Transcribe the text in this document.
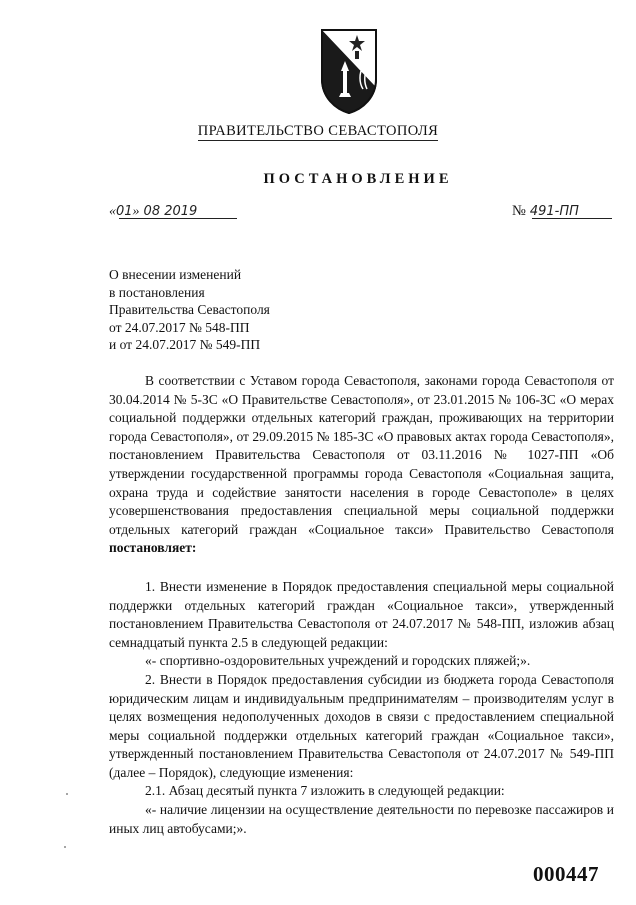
ПРАВИТЕЛЬСТВО СЕВАСТОПОЛЯ
ПОСТАНОВЛЕНИЕ
«01» 08 2019	№ 491-ПП
О внесении изменений
в постановления
Правительства Севастополя
от 24.07.2017 № 548-ПП
и от 24.07.2017 № 549-ПП

В соответствии с Уставом города Севастополя, законами города Севастополя от 30.04.2014 № 5-ЗС «О Правительстве Севастополя», от 23.01.2015 № 106-ЗС «О мерах социальной поддержки отдельных категорий граждан, проживающих на территории города Севастополя», от 29.09.2015 № 185-ЗС «О правовых актах города Севастополя», постановлением Правительства Севастополя от 03.11.2016 № 1027-ПП «Об утверждении государственной программы города Севастополя «Социальная защита, охрана труда и содействие занятости населения в городе Севастополе» в целях усовершенствования предоставления специальной меры социальной поддержки отдельных категорий граждан «Социальное такси» Правительство Севастополя постановляет:

1. Внести изменение в Порядок предоставления специальной меры социальной поддержки отдельных категорий граждан «Социальное такси», утвержденный постановлением Правительства Севастополя от 24.07.2017 № 548-ПП, изложив абзац семнадцатый пункта 2.5 в следующей редакции:

«- спортивно-оздоровительных учреждений и городских пляжей;».

2. Внести в Порядок предоставления субсидии из бюджета города Севастополя юридическим лицам и индивидуальным предпринимателям – производителям услуг в целях возмещения недополученных доходов в связи с предоставлением специальной меры социальной поддержки отдельных категорий граждан «Социальное такси», утвержденный постановлением Правительства Севастополя от 24.07.2017 № 549-ПП (далее – Порядок), следующие изменения:

2.1. Абзац десятый пункта 7 изложить в следующей редакции:

«- наличие лицензии на осуществление деятельности по перевозке пассажиров и иных лиц автобусами;».

000447
